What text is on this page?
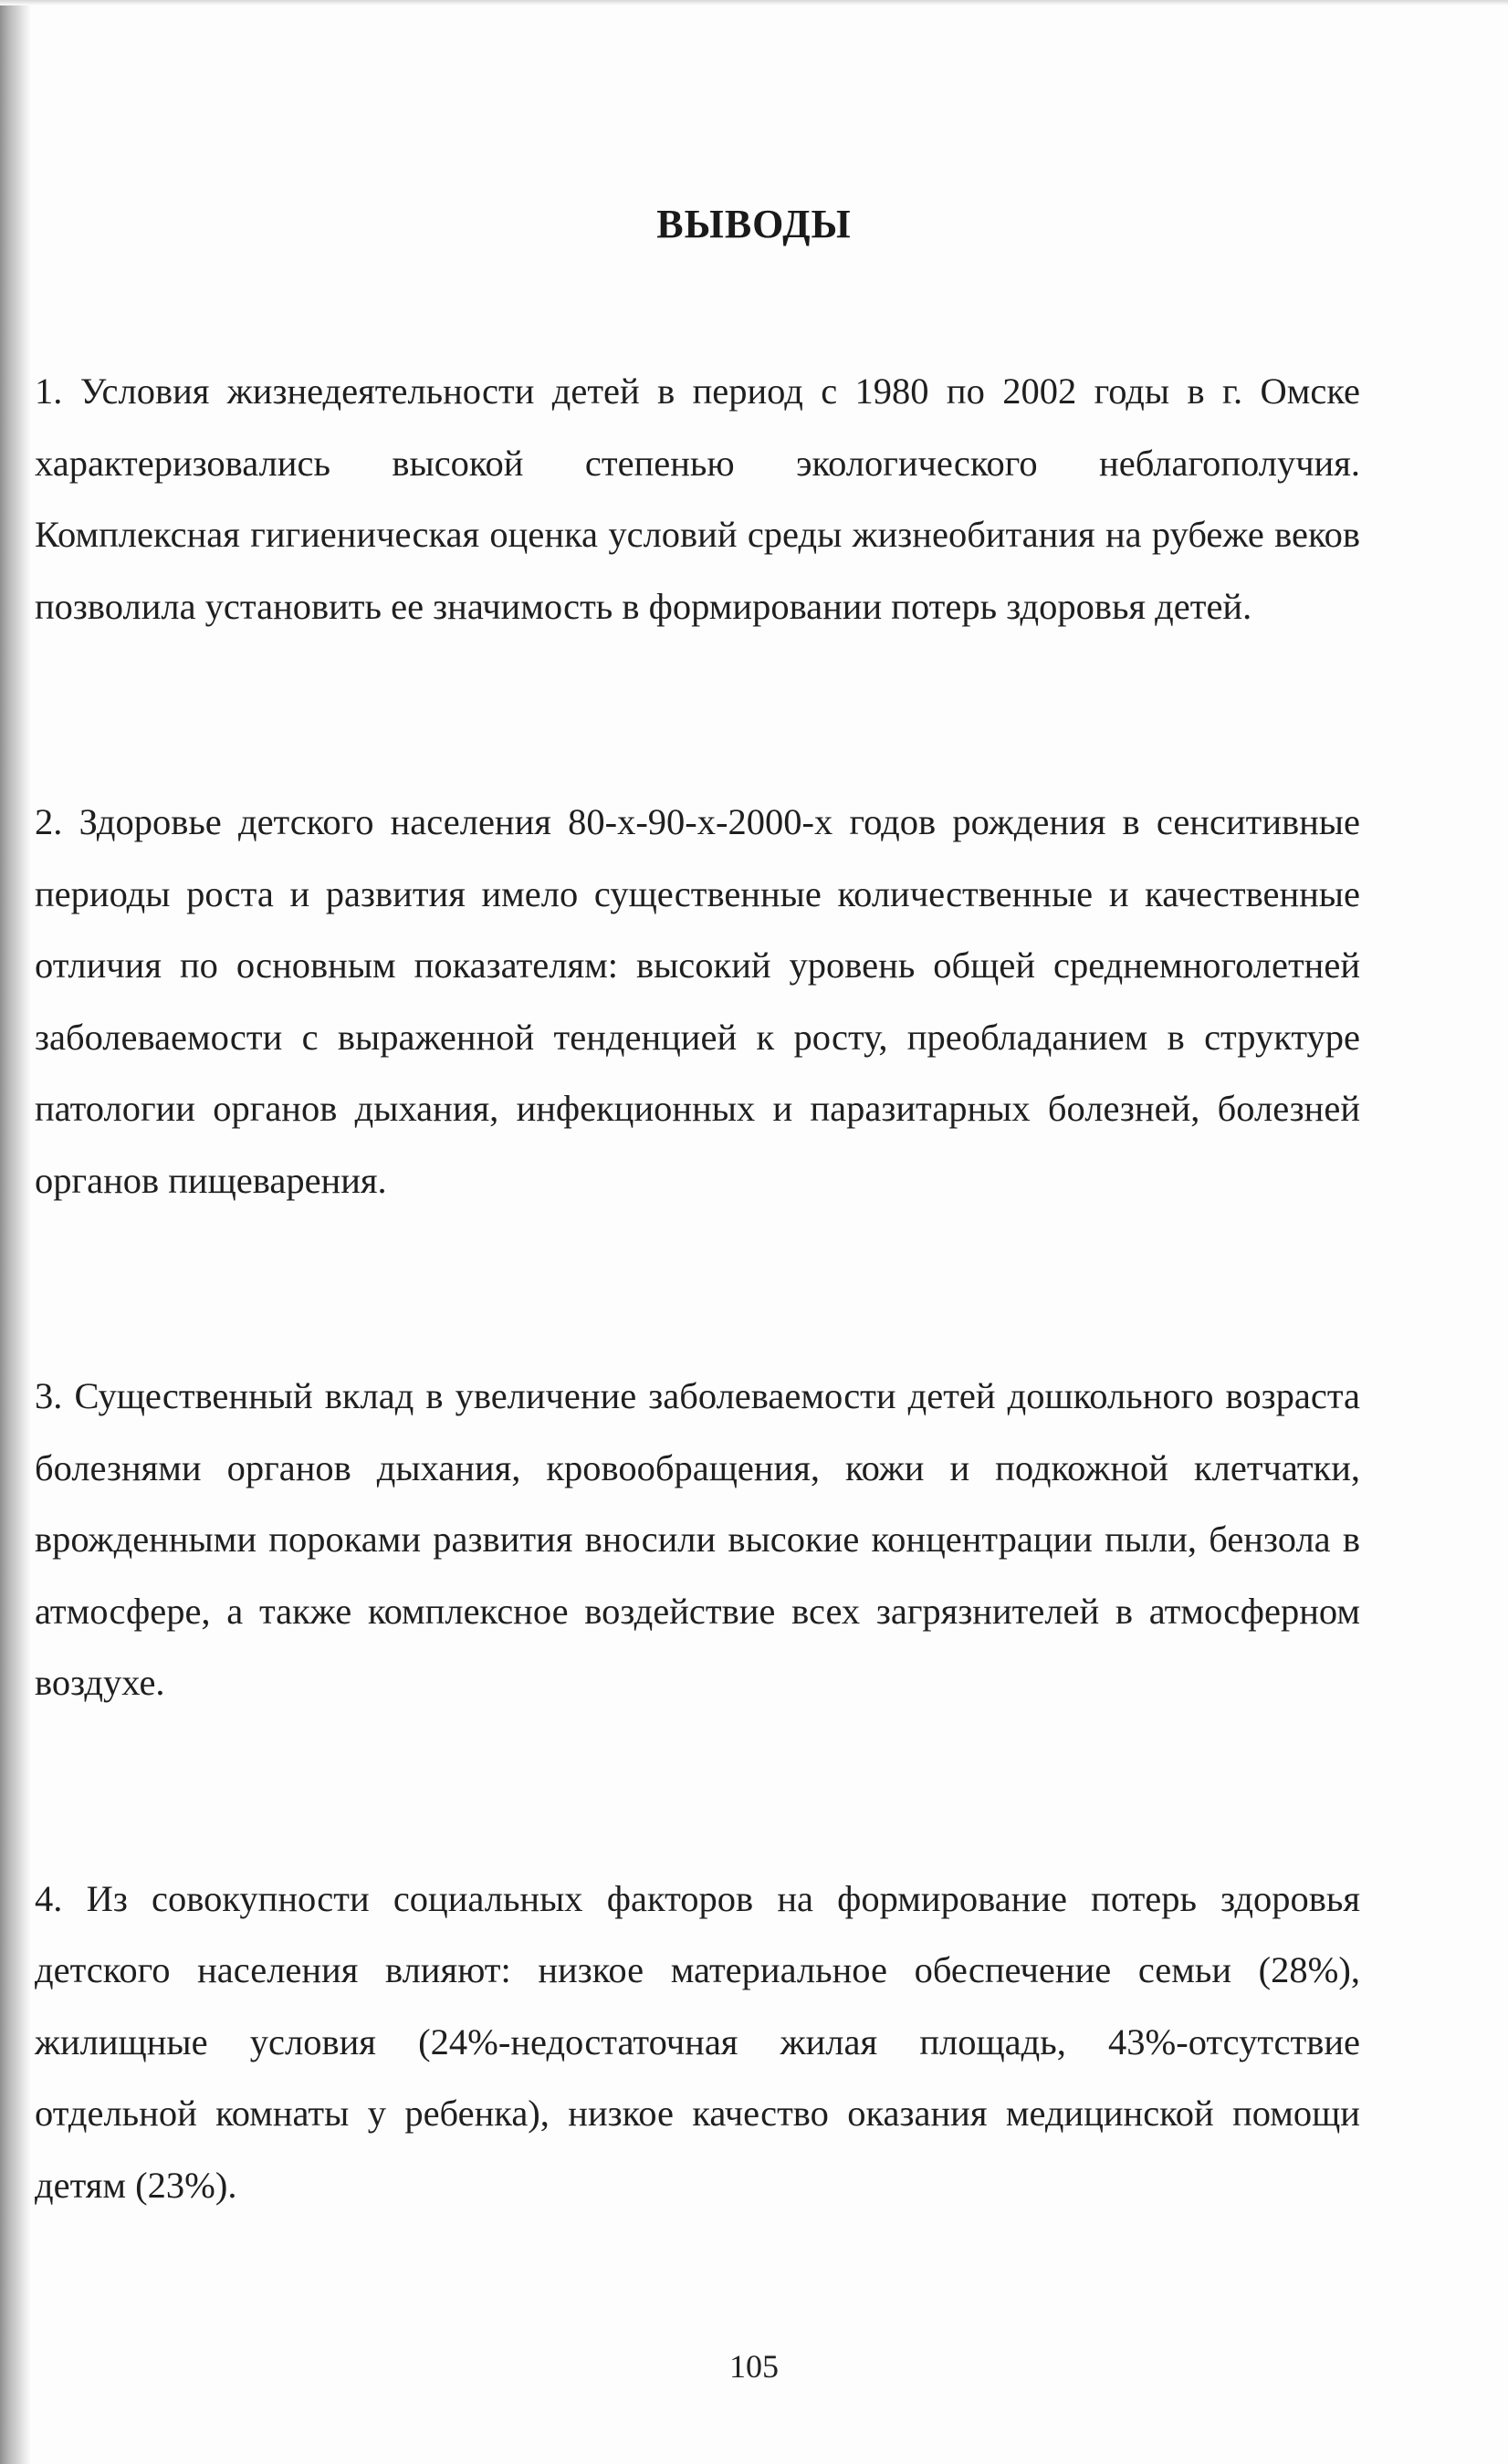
ВЫВОДЫ

1. Условия жизнедеятельности детей в период с 1980 по 2002 годы в г. Омске характеризовались высокой степенью экологического неблагополучия. Комплексная гигиеническая оценка условий среды жизнеобитания на рубеже веков позволила установить ее значимость в формировании потерь здоровья детей.

2. Здоровье детского населения 80-х-90-х-2000-х годов рождения в сенситивные периоды роста и развития имело существенные количественные и качественные отличия по основным показателям: высокий уровень общей среднемноголетней заболеваемости с выраженной тенденцией к росту, преобладанием в структуре патологии органов дыхания, инфекционных и паразитарных болезней, болезней органов пищеварения.

3. Существенный вклад в увеличение заболеваемости детей дошкольного возраста болезнями органов дыхания, кровообращения, кожи и подкожной клетчатки, врожденными пороками развития вносили высокие концентрации пыли, бензола в атмосфере, а также комплексное воздействие всех загрязнителей в атмосферном воздухе.

4. Из совокупности социальных факторов на формирование потерь здоровья детского населения влияют: низкое материальное обеспечение семьи (28%), жилищные условия (24%-недостаточная жилая площадь, 43%-отсутствие отдельной комнаты у ребенка), низкое качество оказания медицинской помощи детям (23%).

105
